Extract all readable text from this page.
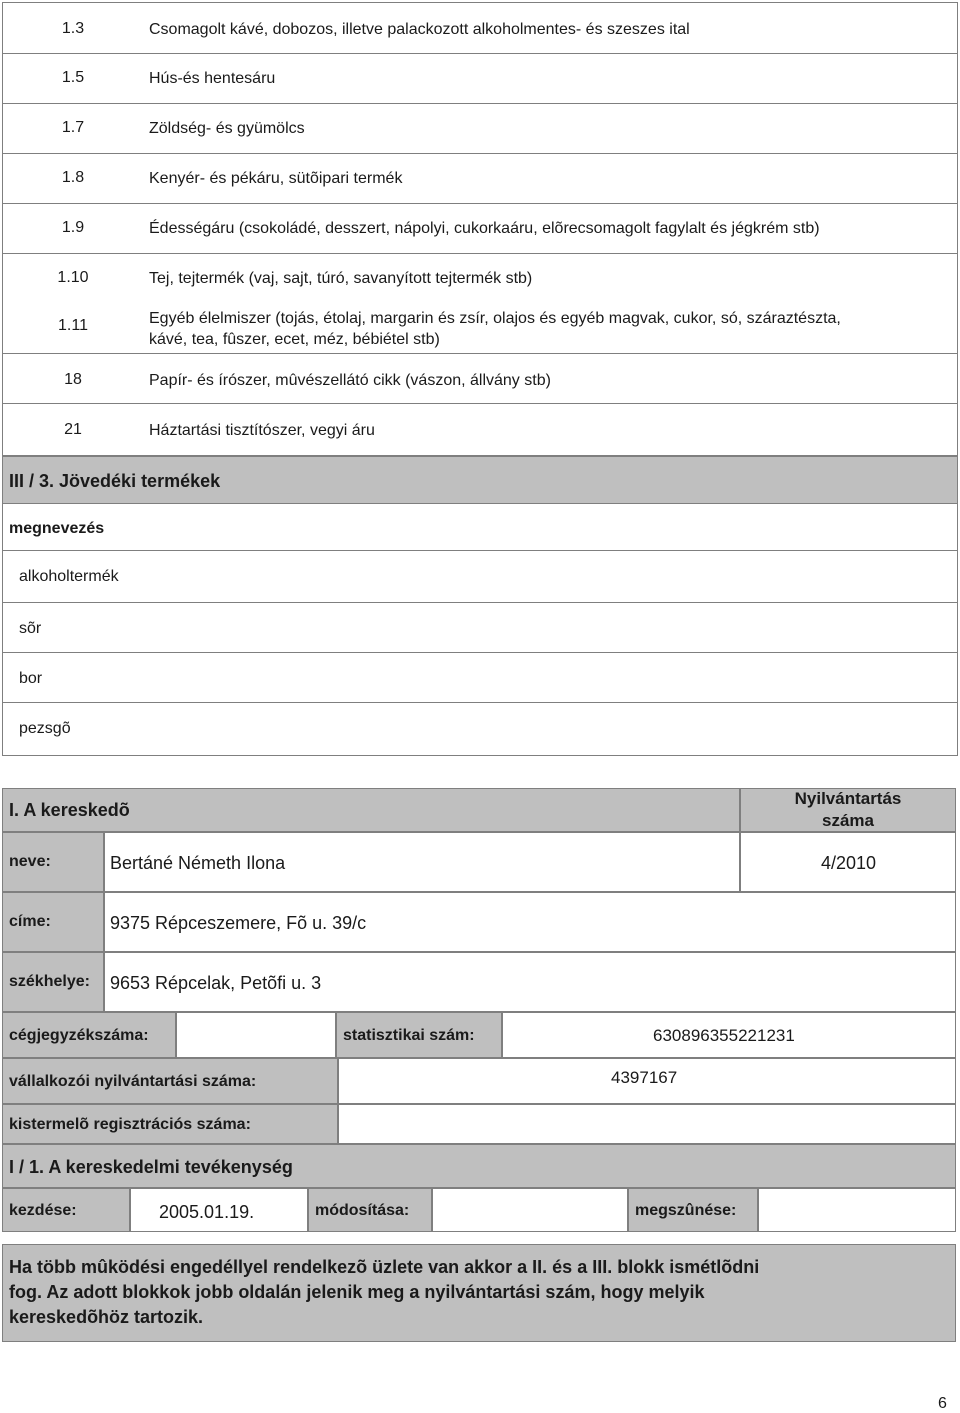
1.3	Csomagolt kávé, dobozos, illetve palackozott alkoholmentes- és szeszes ital
1.5	Hús-és hentesáru
1.7	Zöldség- és gyümölcs
1.8	Kenyér- és pékáru, sütõipari termék
1.9	Édességáru (csokoládé, desszert, nápolyi, cukorkaáru, elõrecsomagolt fagylalt és jégkrém stb)
1.10	Tej, tejtermék (vaj, sajt, túró, savanyított tejtermék stb)
1.11	Egyéb élelmiszer (tojás, étolaj, margarin és zsír, olajos és egyéb magvak, cukor, só, száraztészta,
kávé, tea, fûszer, ecet, méz, bébiétel stb)
18	Papír- és írószer, mûvészellátó cikk (vászon, állvány stb)
21	Háztartási tisztítószer, vegyi áru
III / 3. Jövedéki termékek
megnevezés
alkoholtermék
sõr
bor
pezsgõ
I. A kereskedõ
Nyilvántartás
száma
neve:	Bertáné Németh Ilona	4/2010
címe:	9375 Répceszemere, Fõ u. 39/c
székhelye: 9653 Répcelak, Petõfi u. 3
cégjegyzékszáma:	statisztikai szám:	630896355221231
vállalkozói nyilvántartási száma:	4397167
kistermelõ regisztrációs száma:
I / 1. A kereskedelmi tevékenység
kezdése:	2005.01.19.	módosítása:	megszûnése:
Ha több mûködési engedéllyel rendelkezõ üzlete van akkor a II. és a III. blokk ismétlõdni
fog. Az adott blokkok jobb oldalán jelenik meg a nyilvántartási szám, hogy melyik
kereskedõhöz tartozik.
6
